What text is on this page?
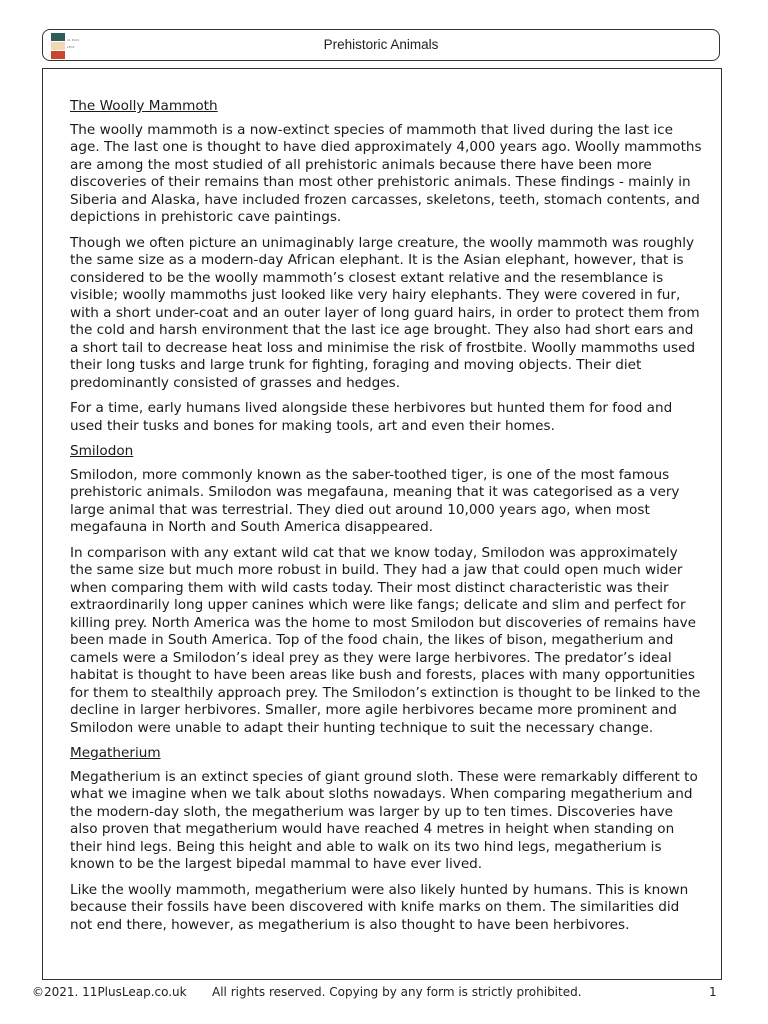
11 PLUS
LEAP	Prehistoric Animals
The Woolly Mammoth

The woolly mammoth is a now-extinct species of mammoth that lived during the last ice age. The last one is thought to have died approximately 4,000 years ago. Woolly mammoths are among the most studied of all prehistoric animals because there have been more discoveries of their remains than most other prehistoric animals. These findings - mainly in Siberia and Alaska, have included frozen carcasses, skeletons, teeth, stomach contents, and depictions in prehistoric cave paintings.

Though we often picture an unimaginably large creature, the woolly mammoth was roughly the same size as a modern-day African elephant. It is the Asian elephant, however, that is considered to be the woolly mammoth’s closest extant relative and the resemblance is visible; woolly mammoths just looked like very hairy elephants. They were covered in fur, with a short under-coat and an outer layer of long guard hairs, in order to protect them from the cold and harsh environment that the last ice age brought. They also had short ears and a short tail to decrease heat loss and minimise the risk of frostbite. Woolly mammoths used their long tusks and large trunk for fighting, foraging and moving objects. Their diet predominantly consisted of grasses and hedges.

For a time, early humans lived alongside these herbivores but hunted them for food and used their tusks and bones for making tools, art and even their homes.

Smilodon

Smilodon, more commonly known as the saber-toothed tiger, is one of the most famous prehistoric animals. Smilodon was megafauna, meaning that it was categorised as a very large animal that was terrestrial. They died out around 10,000 years ago, when most megafauna in North and South America disappeared.

In comparison with any extant wild cat that we know today, Smilodon was approximately the same size but much more robust in build. They had a jaw that could open much wider when comparing them with wild casts today. Their most distinct characteristic was their extraordinarily long upper canines which were like fangs; delicate and slim and perfect for killing prey. North America was the home to most Smilodon but discoveries of remains have been made in South America. Top of the food chain, the likes of bison, megatherium and camels were a Smilodon’s ideal prey as they were large herbivores. The predator’s ideal habitat is thought to have been areas like bush and forests, places with many opportunities for them to stealthily approach prey. The Smilodon’s extinction is thought to be linked to the decline in larger herbivores. Smaller, more agile herbivores became more prominent and Smilodon were unable to adapt their hunting technique to suit the necessary change.

Megatherium

Megatherium is an extinct species of giant ground sloth. These were remarkably different to what we imagine when we talk about sloths nowadays. When comparing megatherium and the modern-day sloth, the megatherium was larger by up to ten times. Discoveries have also proven that megatherium would have reached 4 metres in height when standing on their hind legs. Being this height and able to walk on its two hind legs, megatherium is known to be the largest bipedal mammal to have ever lived.

Like the woolly mammoth, megatherium were also likely hunted by humans. This is known because their fossils have been discovered with knife marks on them. The similarities did not end there, however, as megatherium is also thought to have been herbivores.

©2021. 11PlusLeap.co.uk All rights reserved. Copying by any form is strictly prohibited.	1
